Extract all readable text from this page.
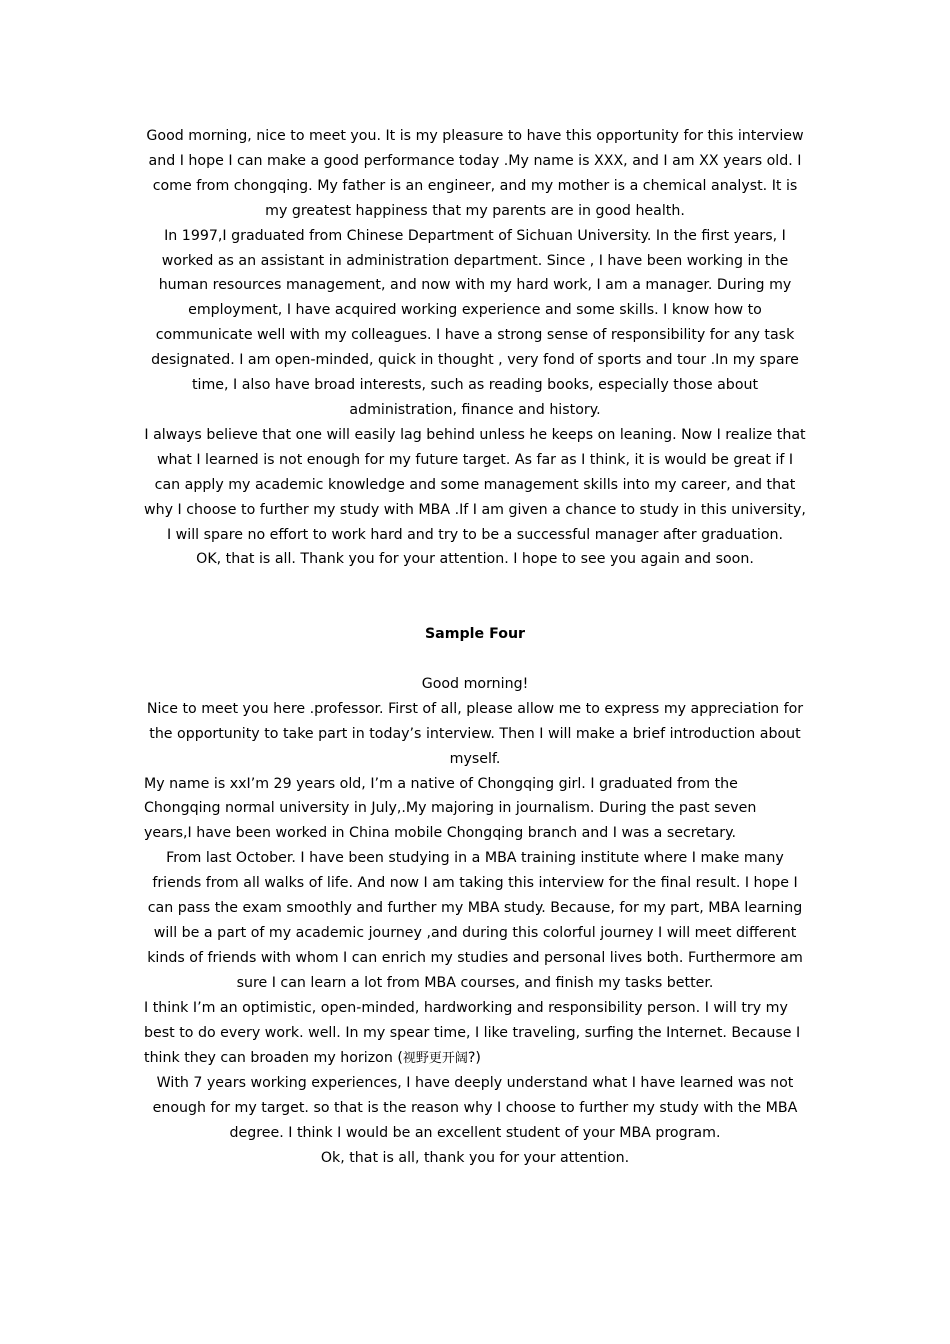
Good morning, nice to meet you. It is my pleasure to have this opportunity for this interview and I hope I can make a good performance today .My name is XXX, and I am XX years old. I come from chongqing. My father is an engineer, and my mother is a chemical analyst. It is my greatest happiness that my parents are in good health.

In 1997,I graduated from Chinese Department of Sichuan University. In the first years, I worked as an assistant in administration department. Since , I have been working in the human resources management, and now with my hard work, I am a manager. During my employment, I have acquired working experience and some skills. I know how to communicate well with my colleagues. I have a strong sense of responsibility for any task designated. I am open-minded, quick in thought , very fond of sports and tour .In my spare time, I also have broad interests, such as reading books, especially those about administration, finance and history.

I always believe that one will easily lag behind unless he keeps on leaning. Now I realize that what I learned is not enough for my future target. As far as I think, it is would be great if I can apply my academic knowledge and some management skills into my career, and that why I choose to further my study with MBA .If I am given a chance to study in this university, I will spare no effort to work hard and try to be a successful manager after graduation.

OK, that is all. Thank you for your attention. I hope to see you again and soon.

Sample Four

Good morning!

Nice to meet you here .professor. First of all, please allow me to express my appreciation for the opportunity to take part in today’s interview. Then I will make a brief introduction about myself.

My name is xxI’m 29 years old, I’m a native of Chongqing girl. I graduated from the Chongqing normal university in July,.My majoring in journalism. During the past seven years,I have been worked in China mobile Chongqing branch and I was a secretary.

From last October. I have been studying in a MBA training institute where I make many friends from all walks of life. And now I am taking this interview for the final result. I hope I can pass the exam smoothly and further my MBA study. Because, for my part, MBA learning will be a part of my academic journey ,and during this colorful journey I will meet different kinds of friends with whom I can enrich my studies and personal lives both. Furthermore am sure I can learn a lot from MBA courses, and finish my tasks better.

I think I’m an optimistic, open-minded, hardworking and responsibility person. I will try my best to do every work. well. In my spear time, I like traveling, surfing the Internet. Because I think they can broaden my horizon (视野更开阔?)

With 7 years working experiences, I have deeply understand what I have learned was not enough for my target. so that is the reason why I choose to further my study with the MBA degree. I think I would be an excellent student of your MBA program.

Ok, that is all, thank you for your attention.
